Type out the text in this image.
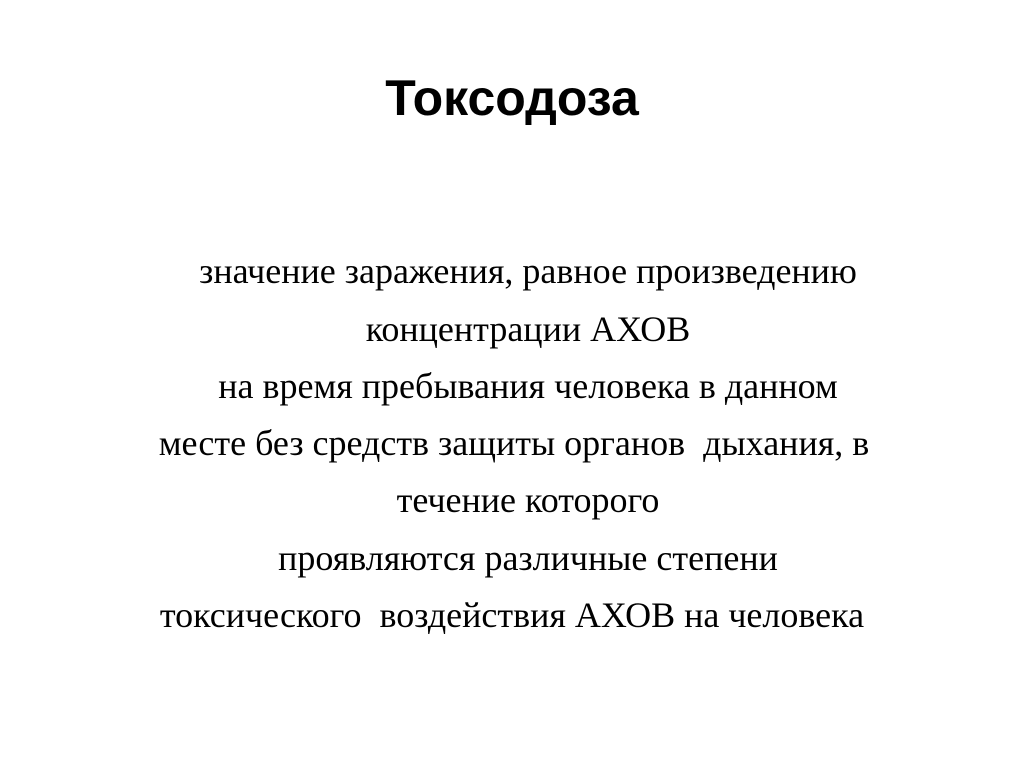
Токсодоза
значение заражения, равное произведению
концентрации АХОВ
на время пребывания человека в данном
месте без средств защиты органов  дыхания, в
течение которого
проявляются различные степени
токсического  воздействия АХОВ на человека
